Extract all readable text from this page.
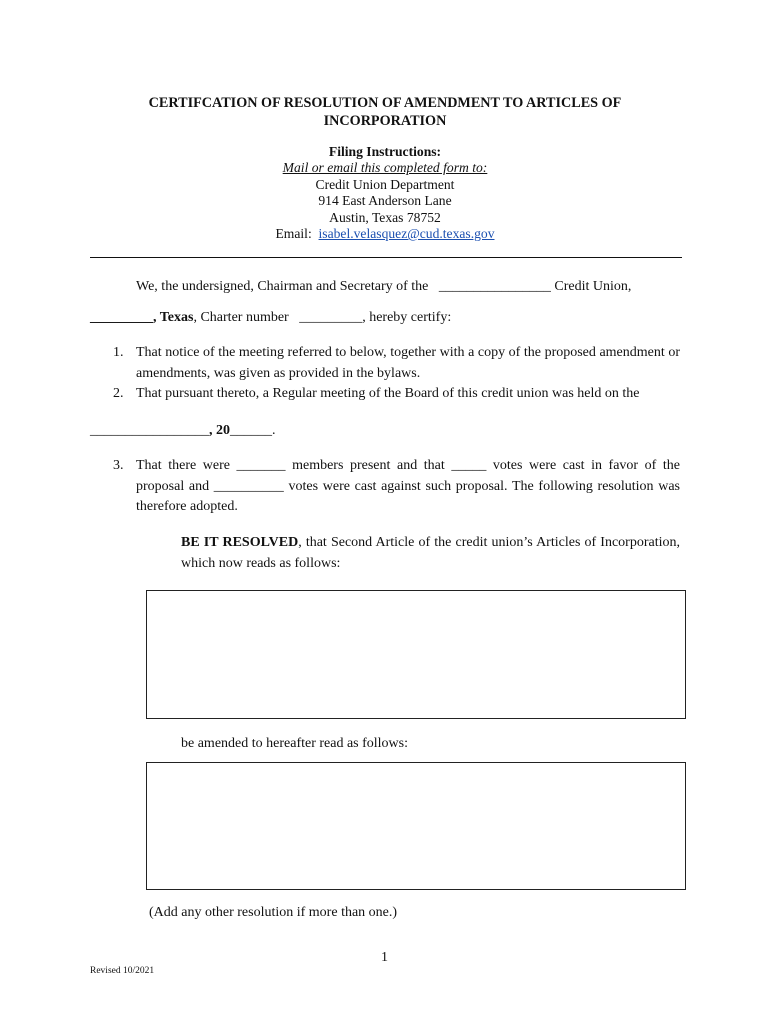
CERTIFCATION OF RESOLUTION OF AMENDMENT TO ARTICLES OF INCORPORATION
Filing Instructions:
Mail or email this completed form to:
Credit Union Department
914 East Anderson Lane
Austin, Texas 78752
Email: isabel.velasquez@cud.texas.gov
We, the undersigned, Chairman and Secretary of the ________________ Credit Union,
_________, Texas, Charter number _________, hereby certify:
1. That notice of the meeting referred to below, together with a copy of the proposed amendment or amendments, was given as provided in the bylaws.
2. That pursuant thereto, a Regular meeting of the Board of this credit union was held on the
_________________, 20______.
3. That there were _______ members present and that _____ votes were cast in favor of the proposal and __________ votes were cast against such proposal. The following resolution was therefore adopted.
BE IT RESOLVED, that Second Article of the credit union’s Articles of Incorporation, which now reads as follows:
be amended to hereafter read as follows:
(Add any other resolution if more than one.)
1
Revised 10/2021
